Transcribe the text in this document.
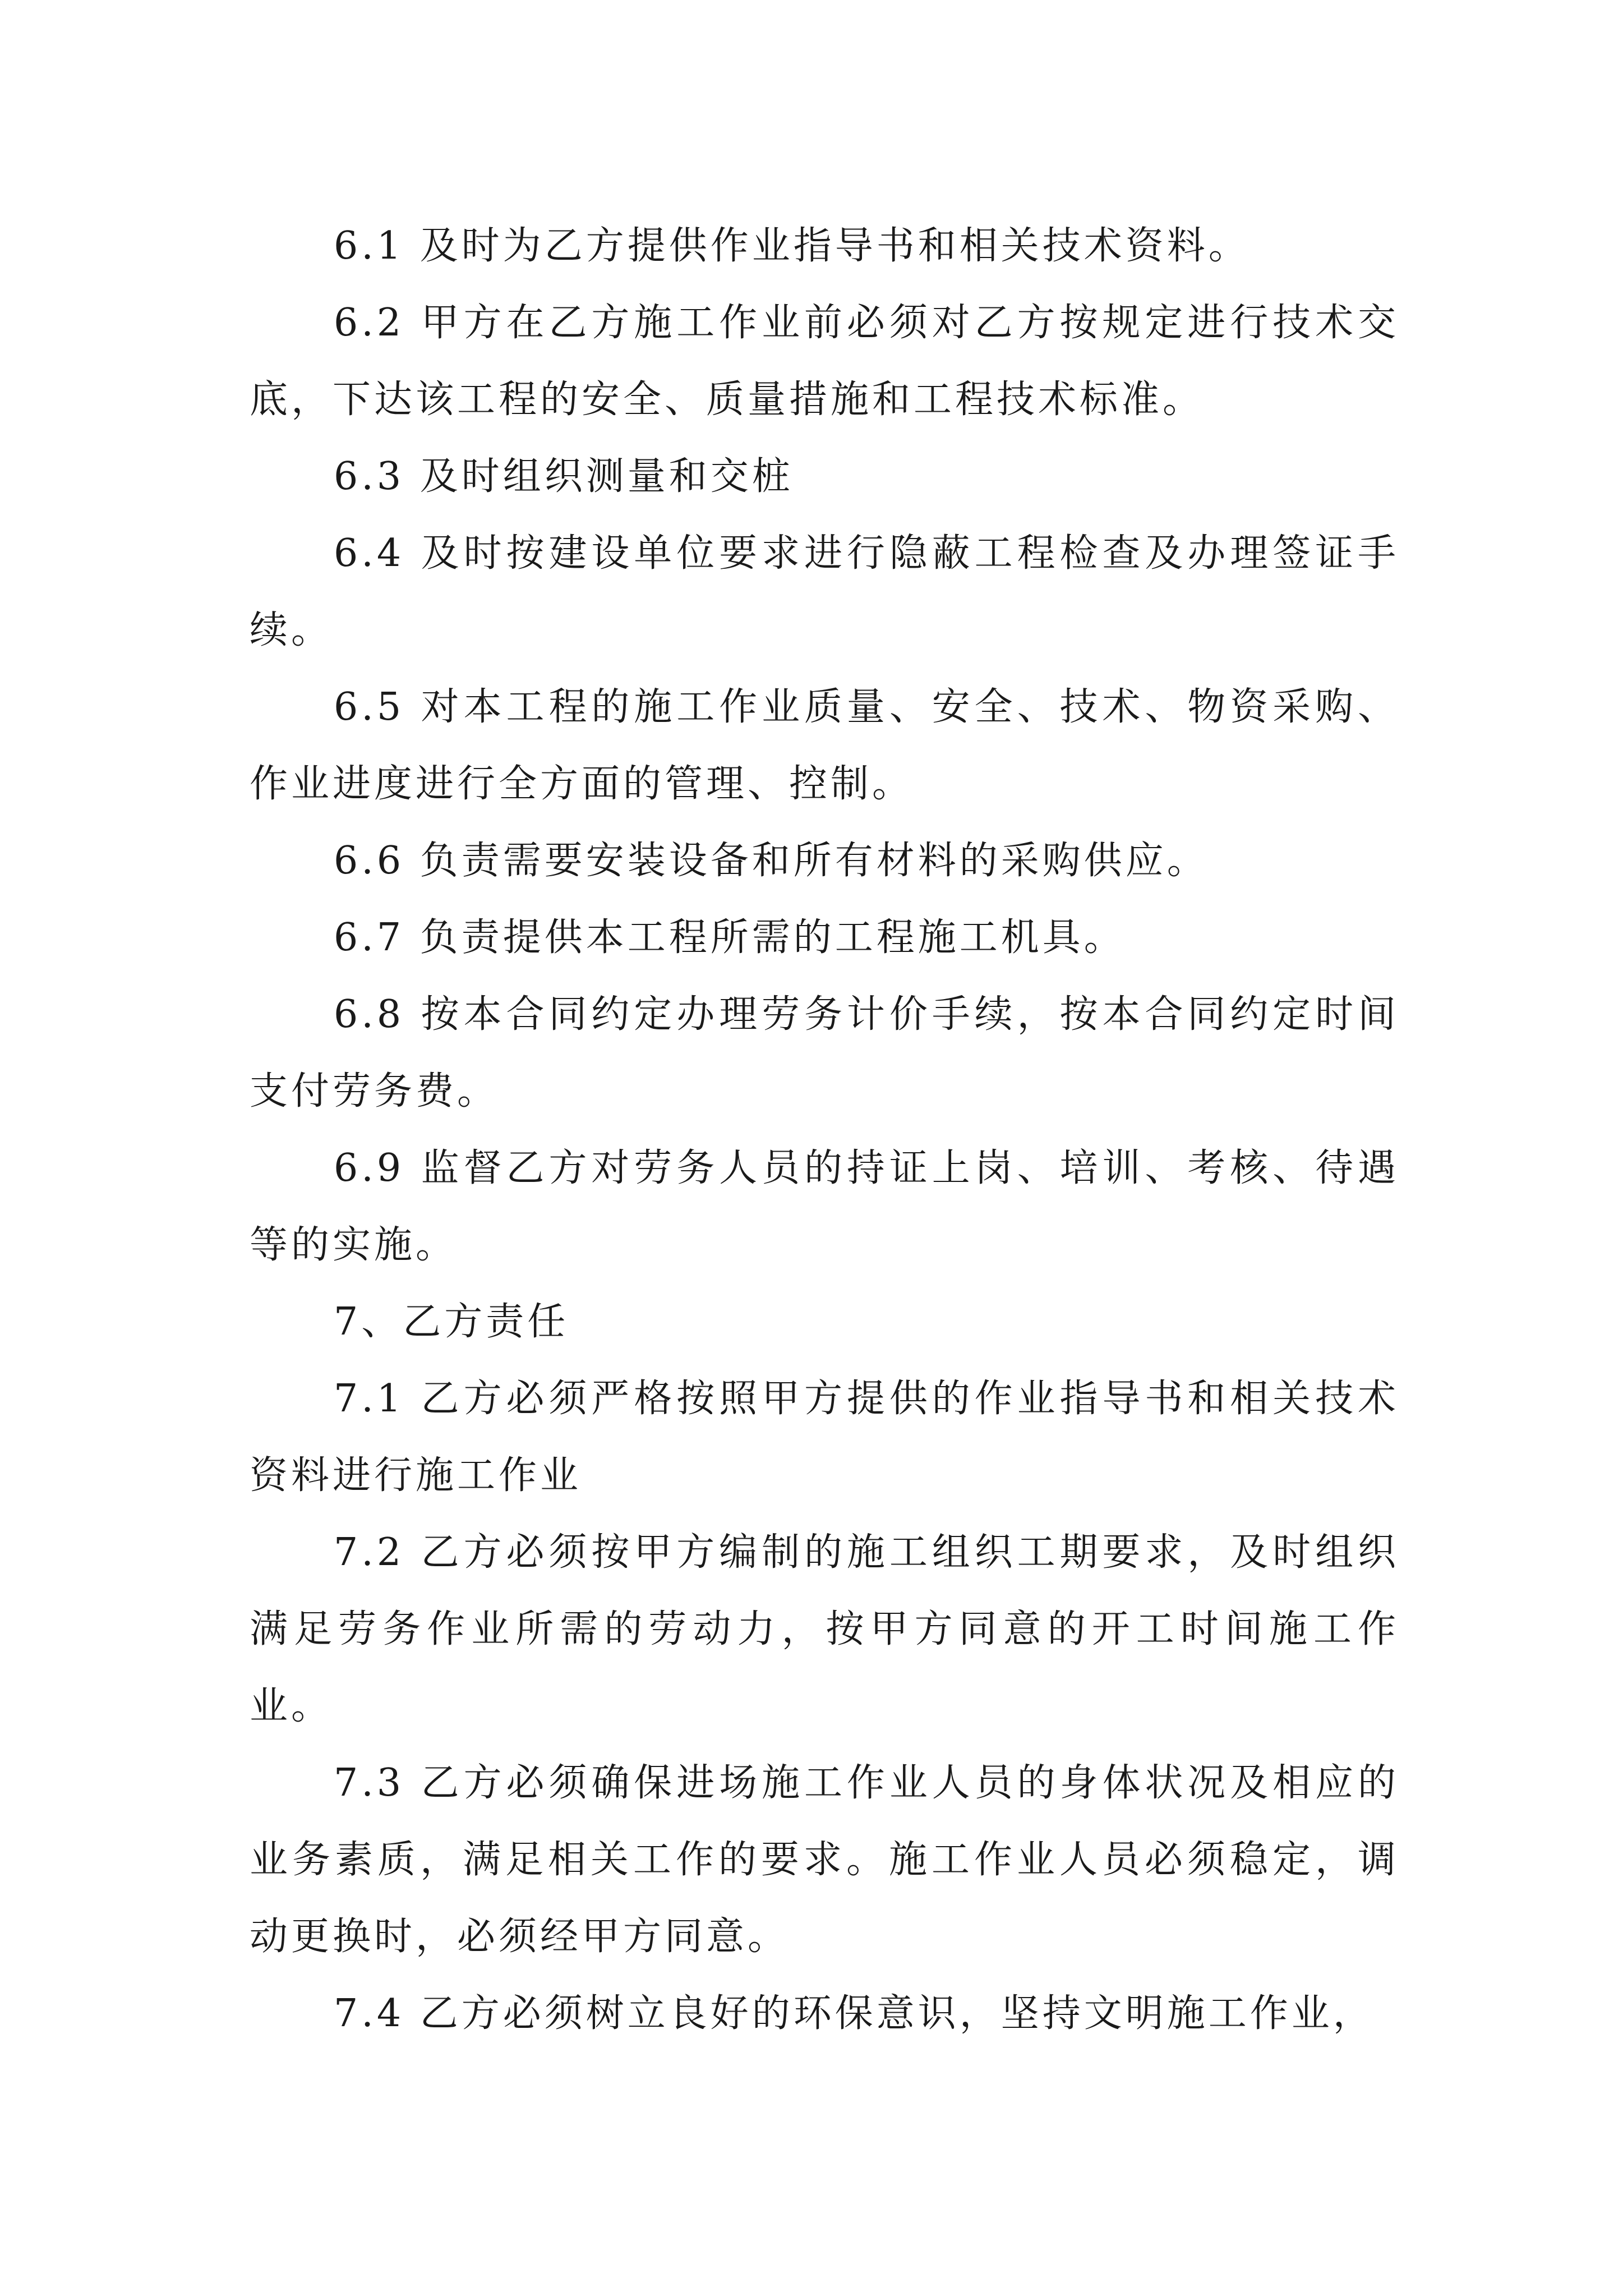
6.1 及时为乙方提供作业指导书和相关技术资料。

6.2 甲方在乙方施工作业前必须对乙方按规定进行技术交底，下达该工程的安全、质量措施和工程技术标准。

6.3 及时组织测量和交桩

6.4 及时按建设单位要求进行隐蔽工程检查及办理签证手续。

6.5 对本工程的施工作业质量、安全、技术、物资采购、作业进度进行全方面的管理、控制。

6.6 负责需要安装设备和所有材料的采购供应。

6.7 负责提供本工程所需的工程施工机具。

6.8 按本合同约定办理劳务计价手续，按本合同约定时间支付劳务费。

6.9 监督乙方对劳务人员的持证上岗、培训、考核、待遇等的实施。

7、乙方责任

7.1 乙方必须严格按照甲方提供的作业指导书和相关技术资料进行施工作业

7.2 乙方必须按甲方编制的施工组织工期要求，及时组织满足劳务作业所需的劳动力，按甲方同意的开工时间施工作业。

7.3 乙方必须确保进场施工作业人员的身体状况及相应的业务素质，满足相关工作的要求。施工作业人员必须稳定，调动更换时，必须经甲方同意。

7.4 乙方必须树立良好的环保意识，坚持文明施工作业，
